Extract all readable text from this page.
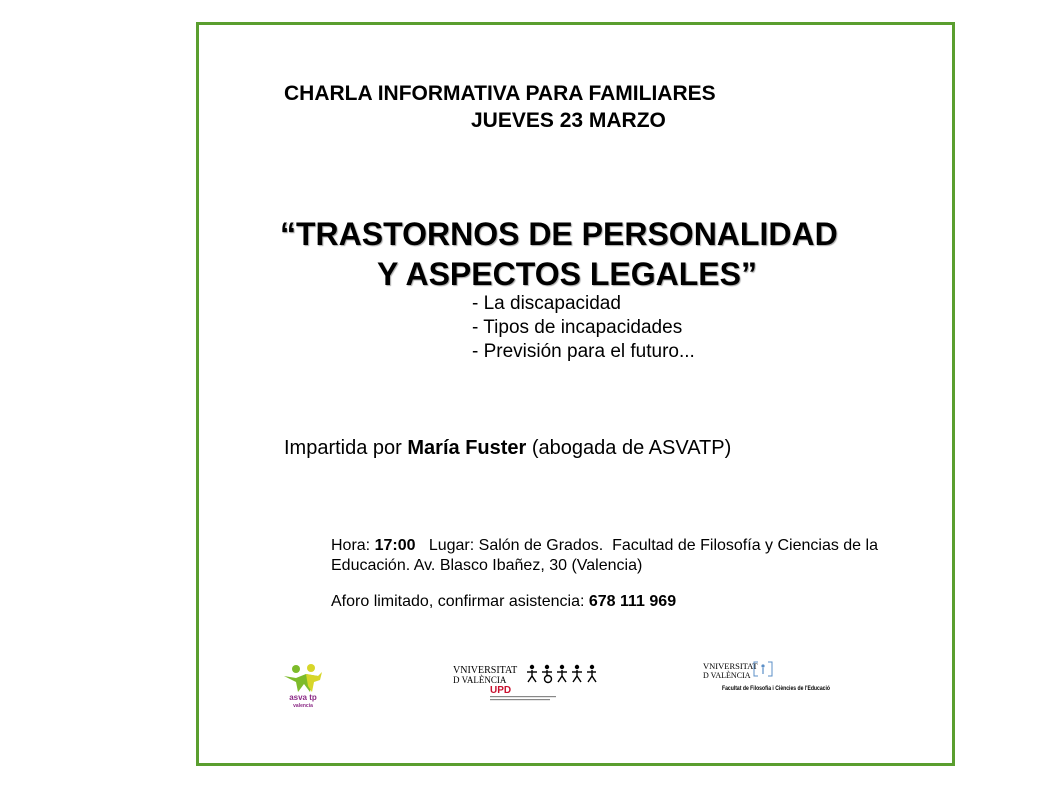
CHARLA INFORMATIVA PARA FAMILIARES
JUEVES 23 MARZO
“TRASTORNOS DE PERSONALIDAD
Y ASPECTOS LEGALES”
- La discapacidad
- Tipos de incapacidades
- Previsión para el futuro...
Impartida por María Fuster (abogada de ASVATP)
Hora: 17:00   Lugar: Salón de Grados.  Facultad de Filosofía y Ciencias de la
Educación. Av. Blasco Ibañez, 30 (Valencia)
Aforo limitado, confirmar asistencia: 678 111 969
asva tp
valencia
VNIVERSITAT
D VALÈNCIA
UPD
VNIVERSITAT
D VALÈNCIA
Facultat de Filosofia i Ciències de l'Educació
